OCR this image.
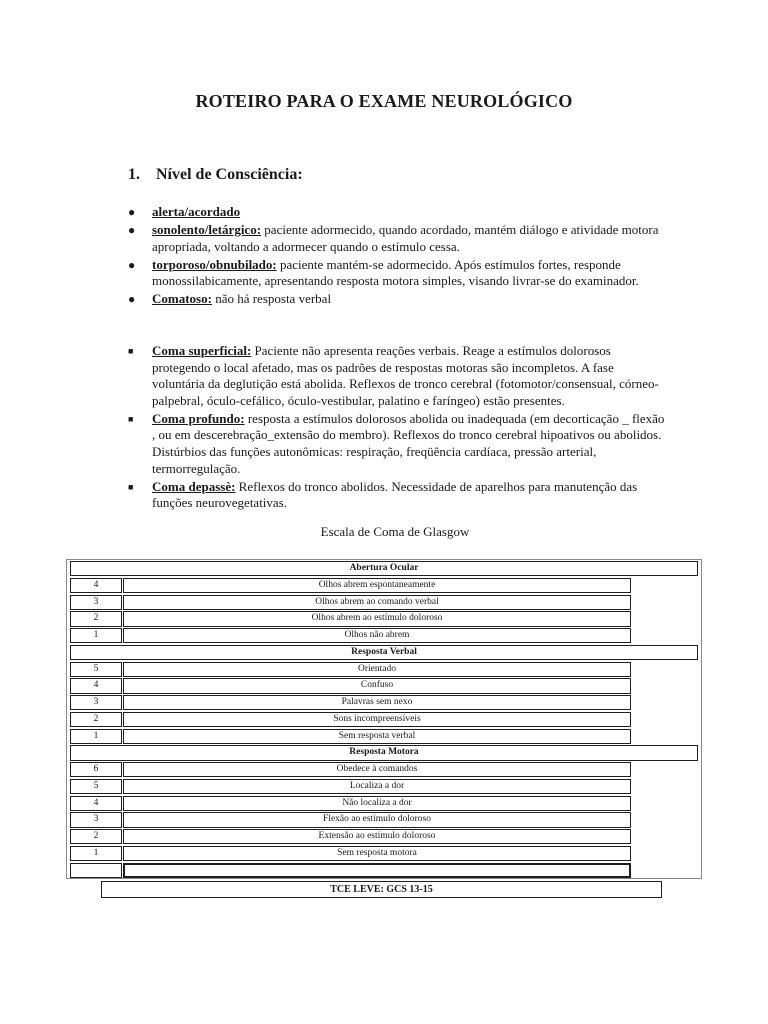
ROTEIRO PARA O EXAME NEUROLÓGICO
1. Nível de Consciência:
●	alerta/acordado
●	sonolento/letárgico: paciente adormecido, quando acordado, mantém diálogo e atividade motora apropriada, voltando a adormecer quando o estímulo cessa.
●	torporoso/obnubilado: paciente mantém-se adormecido. Após estímulos fortes, responde monossilabicamente, apresentando resposta motora simples, visando livrar-se do examinador.
●	Comatoso: não há resposta verbal
■	Coma superficial: Paciente não apresenta reações verbais. Reage a estímulos dolorosos protegendo o local afetado, mas os padrões de respostas motoras são incompletos. A fase voluntária da deglutição está abolida. Reflexos de tronco cerebral (fotomotor/consensual, córneo-palpebral, óculo-cefálico, óculo-vestibular, palatino e faríngeo) estão presentes.
■	Coma profundo: resposta a estímulos dolorosos abolida ou inadequada (em decorticação _ flexão , ou em descerebração_extensão do membro). Reflexos do tronco cerebral hipoativos ou abolidos. Distúrbios das funções autonômicas: respiração, freqüência cardíaca, pressão arterial, termorregulação.
■	Coma depassè: Reflexos do tronco abolidos. Necessidade de aparelhos para manutenção das funções neurovegetativas.
Escala de Coma de Glasgow
Abertura Ocular
4	Olhos abrem espontaneamente
3	Olhos abrem ao comando verbal
2	Olhos abrem ao estímulo doloroso
1	Olhos não abrem
Resposta Verbal
5	Orientado
4	Confuso
3	Palavras sem nexo
2	Sons incompreensíveis
1	Sem resposta verbal
Resposta Motora
6	Obedece à comandos
5	Localiza a dor
4	Não localiza a dor
3	Flexão ao estímulo doloroso
2	Extensão ao estímulo doloroso
1	Sem resposta motora
TCE LEVE: GCS 13-15
